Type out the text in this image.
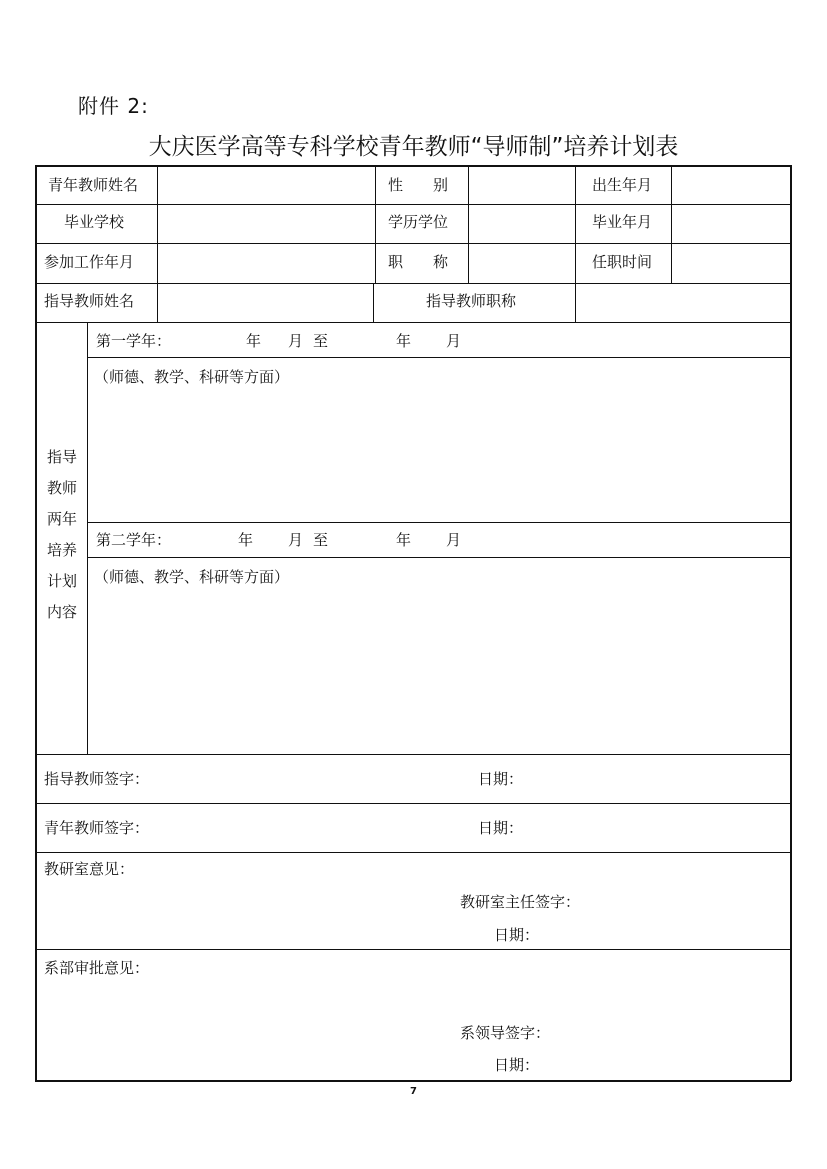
附件 2:
大庆医学高等专科学校青年教师“导师制”培养计划表
青年教师姓名	性　　别	出生年月
毕业学校	学历学位	毕业年月
参加工作年月	职　　称	任职时间
指导教师姓名	指导教师职称
指导
教师
两年
培养
计划
内容
第一学年：	年 月 至	年 月
（师德、教学、科研等方面）
第二学年：	年 月 至	年 月
（师德、教学、科研等方面）
指导教师签字：	日期：
青年教师签字：	日期：
教研室意见：
教研室主任签字：
日期：
系部审批意见：
系领导签字：
日期：
7
